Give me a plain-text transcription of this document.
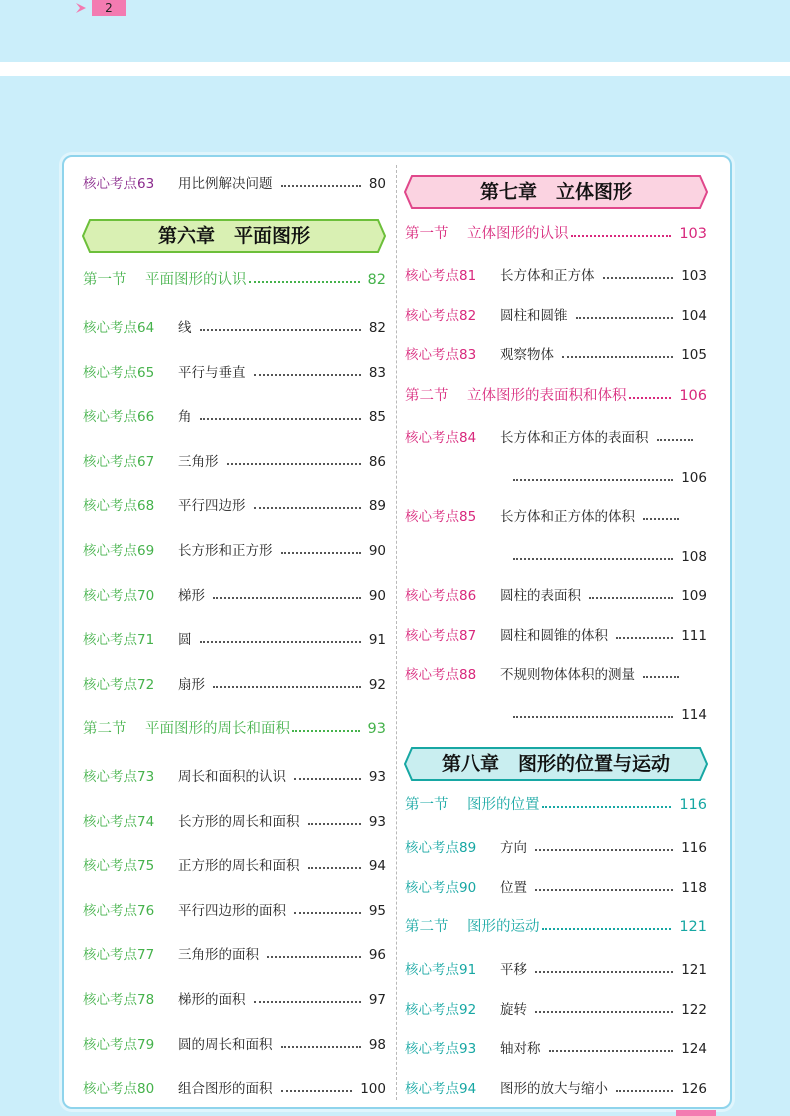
2
核心考点63	用比例解决问题	80
第六章　平面图形
第一节	平面图形的认识	82
第二节	平面图形的周长和面积	93
第七章　立体图形
第一节	立体图形的认识	103
第二节	立体图形的表面积和体积	106
第八章　图形的位置与运动
第一节	图形的位置	116
第二节	图形的运动	121
核心考点64	线	82
核心考点65	平行与垂直	83
核心考点66	角	85
核心考点67	三角形	86
核心考点68	平行四边形	89
核心考点69	长方形和正方形	90
核心考点70	梯形	90
核心考点71	圆	91
核心考点72	扇形	92
核心考点73	周长和面积的认识	93
核心考点74	长方形的周长和面积	93
核心考点75	正方形的周长和面积	94
核心考点76	平行四边形的面积	95
核心考点77	三角形的面积	96
核心考点78	梯形的面积	97
核心考点79	圆的周长和面积	98
核心考点80	组合图形的面积	100
核心考点81	长方体和正方体	103
核心考点82	圆柱和圆锥	104
核心考点83	观察物体	105
核心考点84	长方体和正方体的表面积
106
核心考点85	长方体和正方体的体积
108
核心考点86	圆柱的表面积	109
核心考点87	圆柱和圆锥的体积	111
核心考点88	不规则物体体积的测量
114
核心考点89	方向	116
核心考点90	位置	118
核心考点91	平移	121
核心考点92	旋转	122
核心考点93	轴对称	124
核心考点94	图形的放大与缩小	126
